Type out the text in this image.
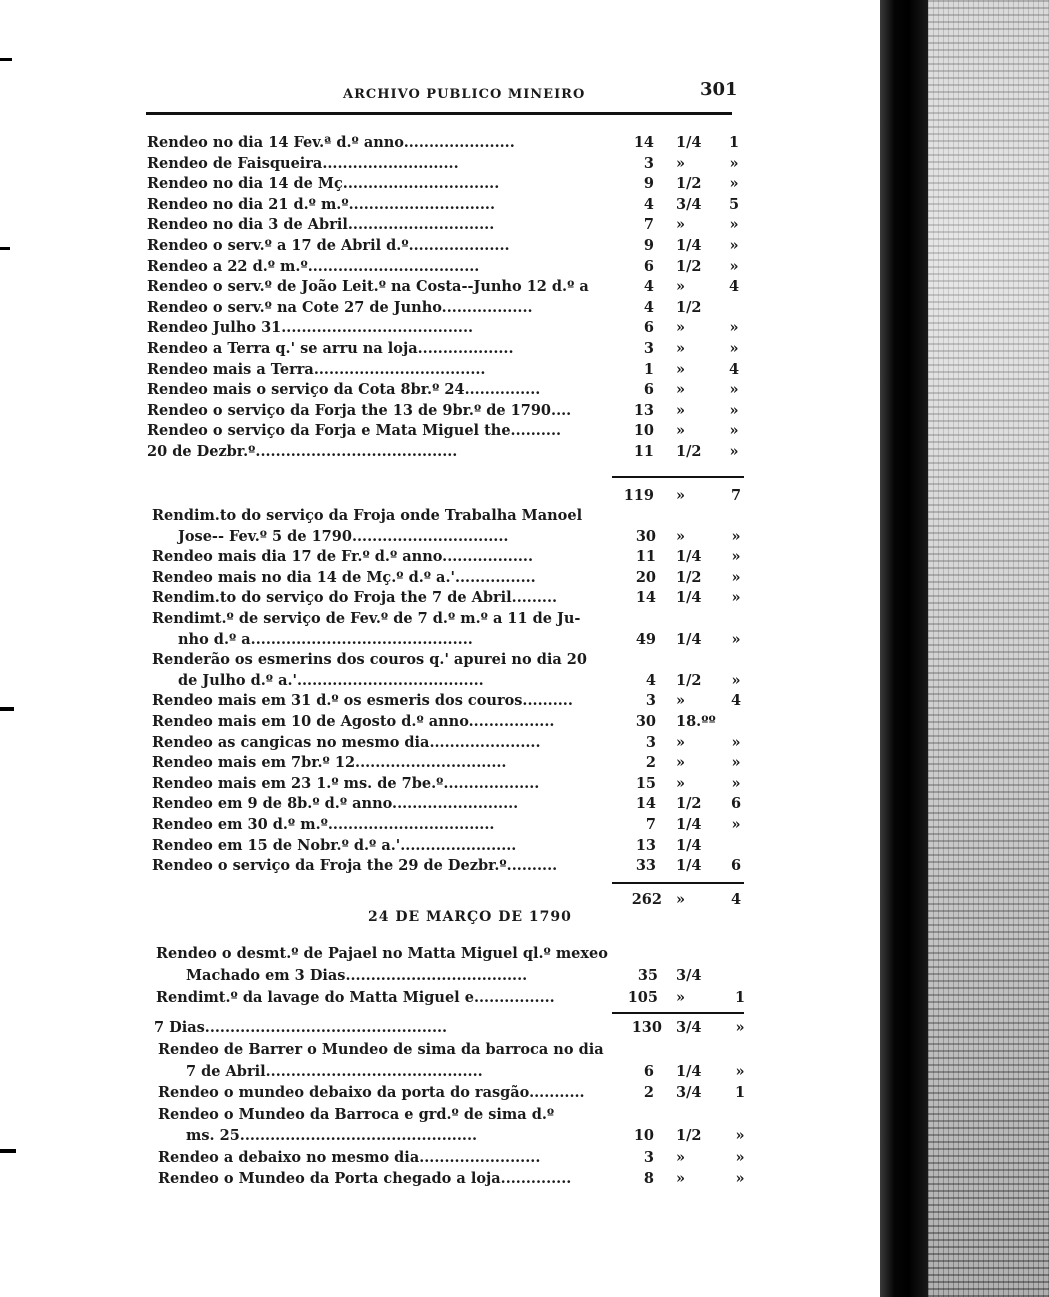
ARCHIVO PUBLICO MINEIRO	301
Rendeo no dia 14 Fev.ª d.º anno......................	14 1/4	1
Rendeo de Faisqueira...........................	3 »	»
Rendeo no dia 14 de Mç...............................	9 1/2	»
Rendeo no dia 21 d.º m.º.............................	4 3/4	5
Rendeo no dia 3 de Abril.............................	7 »	»
Rendeo o serv.º a 17 de Abril d.º....................	9 1/4	»
Rendeo a 22 d.º m.º..................................	6 1/2	»
Rendeo o serv.º de João Leit.º na Costa--Junho 12 d.º a	4 »	4
Rendeo o serv.º na Cote 27 de Junho..................	4 1/2
Rendeo Julho 31......................................	6 »	»
Rendeo a Terra q.' se arru na loja...................	3 »	»
Rendeo mais a Terra..................................	1 »	4
Rendeo mais o serviço da Cota 8br.º 24...............	6 »	»
Rendeo o serviço da Forja the 13 de 9br.º de 1790....	13 »	»
Rendeo o serviço da Forja e Mata Miguel the..........	10 »	»
20 de Dezbr.º........................................	11 1/2	»
119 »	7
Rendim.to do serviço da Froja onde Trabalha Manoel
Jose-- Fev.º 5 de 1790...............................	30 »	»
Rendeo mais dia 17 de Fr.º d.º anno..................	11 1/4	»
Rendeo mais no dia 14 de Mç.º d.º a.'................	20 1/2	»
Rendim.to do serviço do Froja the 7 de Abril.........	14 1/4	»
Rendimt.º de serviço de Fev.º de 7 d.º m.º a 11 de Ju-
nho d.º a............................................	49 1/4	»
Renderão os esmerins dos couros q.' apurei no dia 20
de Julho d.º a.'.....................................	4 1/2	»
Rendeo mais em 31 d.º os esmeris dos couros..........	3 »	4
Rendeo mais em 10 de Agosto d.º anno.................	30 18.ºº
Rendeo as cangicas no mesmo dia......................	3 »	»
Rendeo mais em 7br.º 12..............................	2 »	»
Rendeo mais em 23 1.º ms. de 7be.º...................	15 »	»
Rendeo em 9 de 8b.º d.º anno.........................	14 1/2	6
Rendeo em 30 d.º m.º.................................	7 1/4	»
Rendeo em 15 de Nobr.º d.º a.'.......................	13 1/4
Rendeo o serviço da Froja the 29 de Dezbr.º..........	33 1/4	6
262 »	4
24 DE MARÇO DE 1790
Rendeo o desmt.º de Pajael no Matta Miguel ql.º mexeo
Machado em 3 Dias....................................	35 3/4
Rendimt.º da lavage do Matta Miguel e................	105 »	1
7 Dias................................................	130 3/4	»
Rendeo de Barrer o Mundeo de sima da barroca no dia
7 de Abril...........................................	6 1/4	»
Rendeo o mundeo debaixo da porta do rasgão...........	2 3/4	1
Rendeo o Mundeo da Barroca e grd.º de sima d.º
ms. 25...............................................	10 1/2	»
Rendeo a debaixo no mesmo dia........................	3 »	»
Rendeo o Mundeo da Porta chegado a loja..............	8 »	»
